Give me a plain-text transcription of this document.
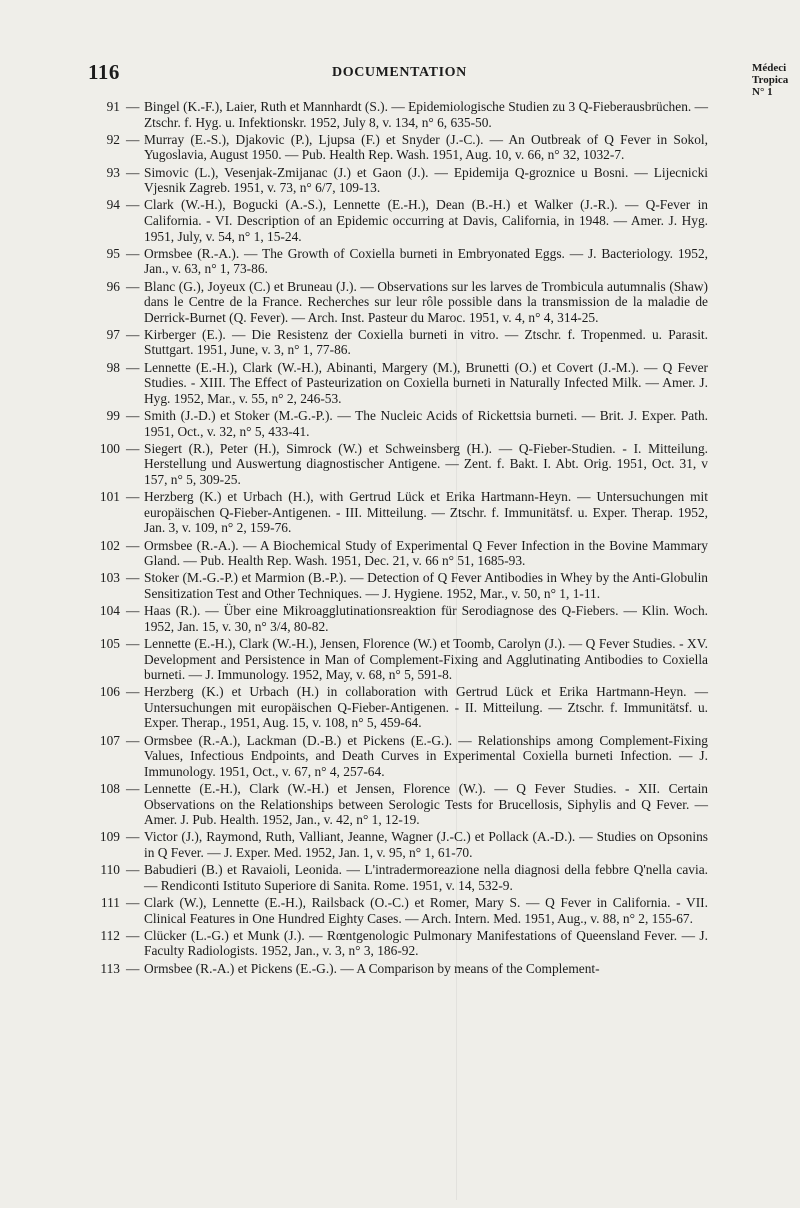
116	DOCUMENTATION	Médeci
Tropica
N° 1
91 — Bingel (K.-F.), Laier, Ruth et Mannhardt (S.). — Epidemiologische Studien zu 3 Q-Fieberausbrüchen. — Ztschr. f. Hyg. u. Infektionskr. 1952, July 8, v. 134, n° 6, 635-50.
92 — Murray (E.-S.), Djakovic (P.), Ljupsa (F.) et Snyder (J.-C.). — An Outbreak of Q Fever in Sokol, Yugoslavia, August 1950. — Pub. Health Rep. Wash. 1951, Aug. 10, v. 66, n° 32, 1032-7.
93 — Simovic (L.), Vesenjak-Zmijanac (J.) et Gaon (J.). — Epidemija Q-groznice u Bosni. — Lijecnicki Vjesnik Zagreb. 1951, v. 73, n° 6/7, 109-13.
94 — Clark (W.-H.), Bogucki (A.-S.), Lennette (E.-H.), Dean (B.-H.) et Walker (J.-R.). — Q-Fever in California. - VI. Description of an Epidemic occurring at Davis, California, in 1948. — Amer. J. Hyg. 1951, July, v. 54, n° 1, 15-24.
95 — Ormsbee (R.-A.). — The Growth of Coxiella burneti in Embryonated Eggs. — J. Bacteriology. 1952, Jan., v. 63, n° 1, 73-86.
96 — Blanc (G.), Joyeux (C.) et Bruneau (J.). — Observations sur les larves de Trombicula autumnalis (Shaw) dans le Centre de la France. Recherches sur leur rôle possible dans la transmission de la maladie de Derrick-Burnet (Q. Fever). — Arch. Inst. Pasteur du Maroc. 1951, v. 4, n° 4, 314-25.
97 — Kirberger (E.). — Die Resistenz der Coxiella burneti in vitro. — Ztschr. f. Tropenmed. u. Parasit. Stuttgart. 1951, June, v. 3, n° 1, 77-86.
98 — Lennette (E.-H.), Clark (W.-H.), Abinanti, Margery (M.), Brunetti (O.) et Covert (J.-M.). — Q Fever Studies. - XIII. The Effect of Pasteurization on Coxiella burneti in Naturally Infected Milk. — Amer. J. Hyg. 1952, Mar., v. 55, n° 2, 246-53.
99 — Smith (J.-D.) et Stoker (M.-G.-P.). — The Nucleic Acids of Rickettsia burneti. — Brit. J. Exper. Path. 1951, Oct., v. 32, n° 5, 433-41.
100 — Siegert (R.), Peter (H.), Simrock (W.) et Schweinsberg (H.). — Q-Fieber-Studien. - I. Mitteilung. Herstellung und Auswertung diagnostischer Antigene. — Zent. f. Bakt. I. Abt. Orig. 1951, Oct. 31, v 157, n° 5, 309-25.
101 — Herzberg (K.) et Urbach (H.), with Gertrud Lück et Erika Hartmann-Heyn. — Untersuchungen mit europäischen Q-Fieber-Antigenen. - III. Mitteilung. — Ztschr. f. Immunitätsf. u. Exper. Therap. 1952, Jan. 3, v. 109, n° 2, 159-76.
102 — Ormsbee (R.-A.). — A Biochemical Study of Experimental Q Fever Infection in the Bovine Mammary Gland. — Pub. Health Rep. Wash. 1951, Dec. 21, v. 66 n° 51, 1685-93.
103 — Stoker (M.-G.-P.) et Marmion (B.-P.). — Detection of Q Fever Antibodies in Whey by the Anti-Globulin Sensitization Test and Other Techniques. — J. Hygiene. 1952, Mar., v. 50, n° 1, 1-11.
104 — Haas (R.). — Über eine Mikroagglutinationsreaktion für Serodiagnose des Q-Fiebers. — Klin. Woch. 1952, Jan. 15, v. 30, n° 3/4, 80-82.
105 — Lennette (E.-H.), Clark (W.-H.), Jensen, Florence (W.) et Toomb, Carolyn (J.). — Q Fever Studies. - XV. Development and Persistence in Man of Complement-Fixing and Agglutinating Antibodies to Coxiella burneti. — J. Immunology. 1952, May, v. 68, n° 5, 591-8.
106 — Herzberg (K.) et Urbach (H.) in collaboration with Gertrud Lück et Erika Hartmann-Heyn. — Untersuchungen mit europäischen Q-Fieber-Antigenen. - II. Mitteilung. — Ztschr. f. Immunitätsf. u. Exper. Therap., 1951, Aug. 15, v. 108, n° 5, 459-64.
107 — Ormsbee (R.-A.), Lackman (D.-B.) et Pickens (E.-G.). — Relationships among Complement-Fixing Values, Infectious Endpoints, and Death Curves in Experimental Coxiella burneti Infection. — J. Immunology. 1951, Oct., v. 67, n° 4, 257-64.
108 — Lennette (E.-H.), Clark (W.-H.) et Jensen, Florence (W.). — Q Fever Studies. - XII. Certain Observations on the Relationships between Serologic Tests for Brucellosis, Siphylis and Q Fever. — Amer. J. Pub. Health. 1952, Jan., v. 42, n° 1, 12-19.
109 — Victor (J.), Raymond, Ruth, Valliant, Jeanne, Wagner (J.-C.) et Pollack (A.-D.). — Studies on Opsonins in Q Fever. — J. Exper. Med. 1952, Jan. 1, v. 95, n° 1, 61-70.
110 — Babudieri (B.) et Ravaioli, Leonida. — L'intradermoreazione nella diagnosi della febbre Q'nella cavia. — Rendiconti Istituto Superiore di Sanita. Rome. 1951, v. 14, 532-9.
111 — Clark (W.), Lennette (E.-H.), Railsback (O.-C.) et Romer, Mary S. — Q Fever in California. - VII. Clinical Features in One Hundred Eighty Cases. — Arch. Intern. Med. 1951, Aug., v. 88, n° 2, 155-67.
112 — Clücker (L.-G.) et Munk (J.). — Rœntgenologic Pulmonary Manifestations of Queensland Fever. — J. Faculty Radiologists. 1952, Jan., v. 3, n° 3, 186-92.
113 — Ormsbee (R.-A.) et Pickens (E.-G.). — A Comparison by means of the Complement-
